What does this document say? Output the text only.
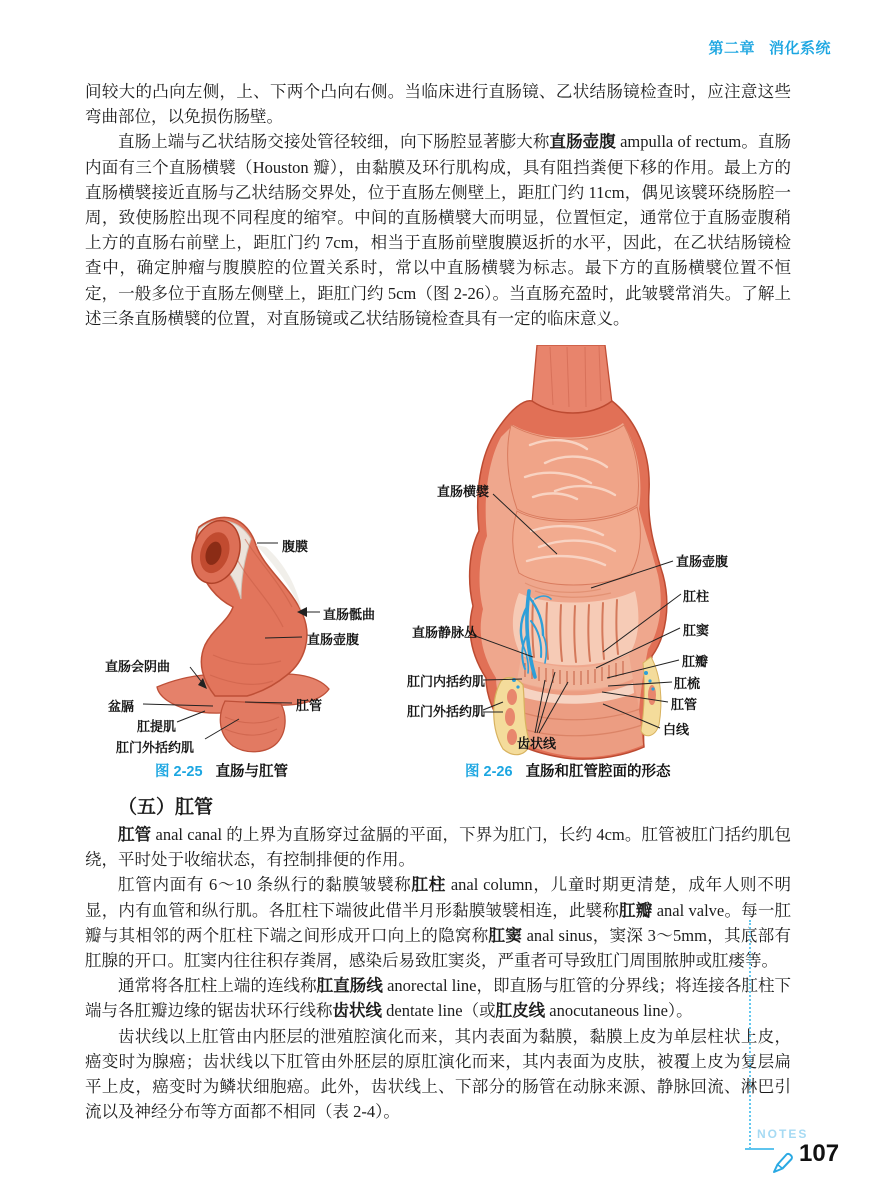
第二章 消化系统

间较大的凸向左侧，上、下两个凸向右侧。当临床进行直肠镜、乙状结肠镜检查时，应注意这些弯曲部位，以免损伤肠壁。

直肠上端与乙状结肠交接处管径较细，向下肠腔显著膨大称直肠壶腹 ampulla of rectum。直肠内面有三个直肠横襞（Houston 瓣），由黏膜及环行肌构成，具有阻挡粪便下移的作用。最上方的直肠横襞接近直肠与乙状结肠交界处，位于直肠左侧壁上，距肛门约 11cm，偶见该襞环绕肠腔一周，致使肠腔出现不同程度的缩窄。中间的直肠横襞大而明显，位置恒定，通常位于直肠壶腹稍上方的直肠右前壁上，距肛门约 7cm，相当于直肠前壁腹膜返折的水平，因此，在乙状结肠镜检查中，确定肿瘤与腹膜腔的位置关系时，常以中直肠横襞为标志。最下方的直肠横襞位置不恒定，一般多位于直肠左侧壁上，距肛门约 5cm（图 2-26）。当直肠充盈时，此皱襞常消失。了解上述三条直肠横襞的位置，对直肠镜或乙状结肠镜检查具有一定的临床意义。

腹膜
直肠骶曲
直肠壶腹
直肠会阴曲
盆膈	肛管
肛提肌
肛门外括约肌
图 2-25 直肠与肛管
直肠横襞
直肠壶腹
肛柱
肛窦
肛瓣
肛梳
肛管
白线
直肠静脉丛
肛门内括约肌
肛门外括约肌
齿状线
图 2-26 直肠和肛管腔面的形态
（五）肛管

肛管 anal canal 的上界为直肠穿过盆膈的平面，下界为肛门，长约 4cm。肛管被肛门括约肌包绕，平时处于收缩状态，有控制排便的作用。

肛管内面有 6～10 条纵行的黏膜皱襞称肛柱 anal column，儿童时期更清楚，成年人则不明显，内有血管和纵行肌。各肛柱下端彼此借半月形黏膜皱襞相连，此襞称肛瓣 anal valve。每一肛瓣与其相邻的两个肛柱下端之间形成开口向上的隐窝称肛窦 anal sinus，窦深 3～5mm，其底部有肛腺的开口。肛窦内往往积存粪屑，感染后易致肛窦炎，严重者可导致肛门周围脓肿或肛瘘等。

通常将各肛柱上端的连线称肛直肠线 anorectal line，即直肠与肛管的分界线；将连接各肛柱下端与各肛瓣边缘的锯齿状环行线称齿状线 dentate line（或肛皮线 anocutaneous line）。

齿状线以上肛管由内胚层的泄殖腔演化而来，其内表面为黏膜，黏膜上皮为单层柱状上皮，癌变时为腺癌；齿状线以下肛管由外胚层的原肛演化而来，其内表面为皮肤，被覆上皮为复层扁平上皮，癌变时为鳞状细胞癌。此外，齿状线上、下部分的肠管在动脉来源、静脉回流、淋巴引流以及神经分布等方面都不相同（表 2-4）。

NOTES
107
